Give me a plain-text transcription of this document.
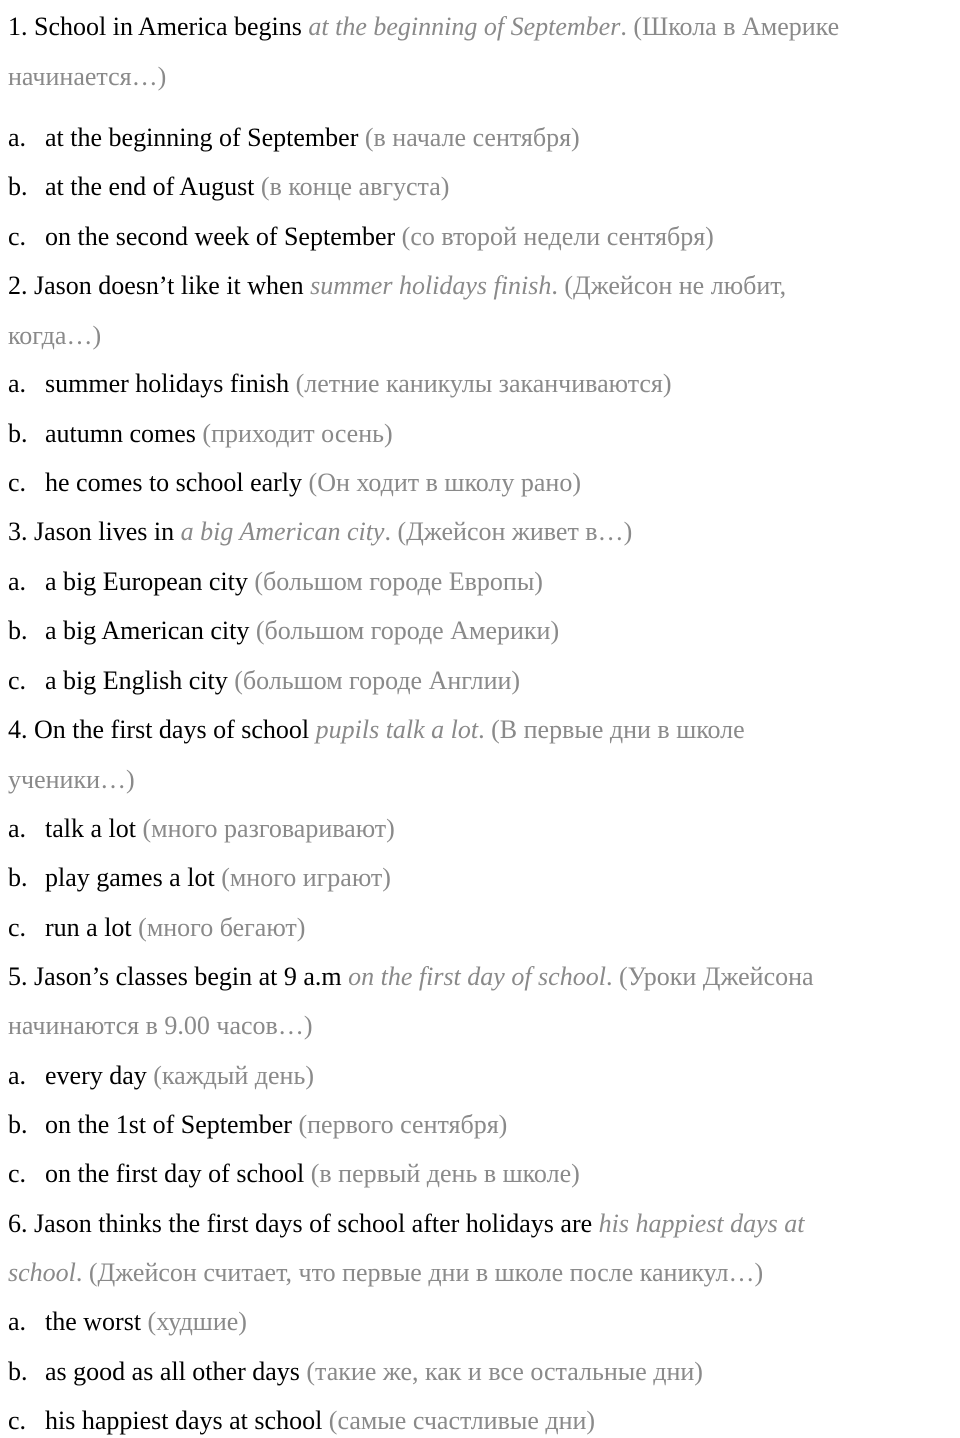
1. School in America begins at the beginning of September. (Школа в Америке
начинается…)
a. at the beginning of September (в начале сентября)
b. at the end of August (в конце августа)
c. on the second week of September (со второй недели сентября)
2. Jason doesn’t like it when summer holidays finish. (Джейсон не любит,
когда…)
a. summer holidays finish (летние каникулы заканчиваются)
b. autumn comes (приходит осень)
c. he comes to school early (Он ходит в школу рано)
3. Jason lives in a big American city. (Джейсон живет в…)
a. a big European city (большом городе Европы)
b. a big American city (большом городе Америки)
c. a big English city (большом городе Англии)
4. On the first days of school pupils talk a lot. (В первые дни в школе
ученики…)
a. talk a lot (много разговаривают)
b. play games a lot (много играют)
c. run a lot (много бегают)
5. Jason’s classes begin at 9 a.m on the first day of school. (Уроки Джейсона
начинаются в 9.00 часов…)
a. every day (каждый день)
b. on the 1st of September (первого сентября)
c. on the first day of school (в первый день в школе)
6. Jason thinks the first days of school after holidays are his happiest days at
school. (Джейсон считает, что первые дни в школе после каникул…)
a. the worst (худшие)
b. as good as all other days (такие же, как и все остальные дни)
c. his happiest days at school (самые счастливые дни)
